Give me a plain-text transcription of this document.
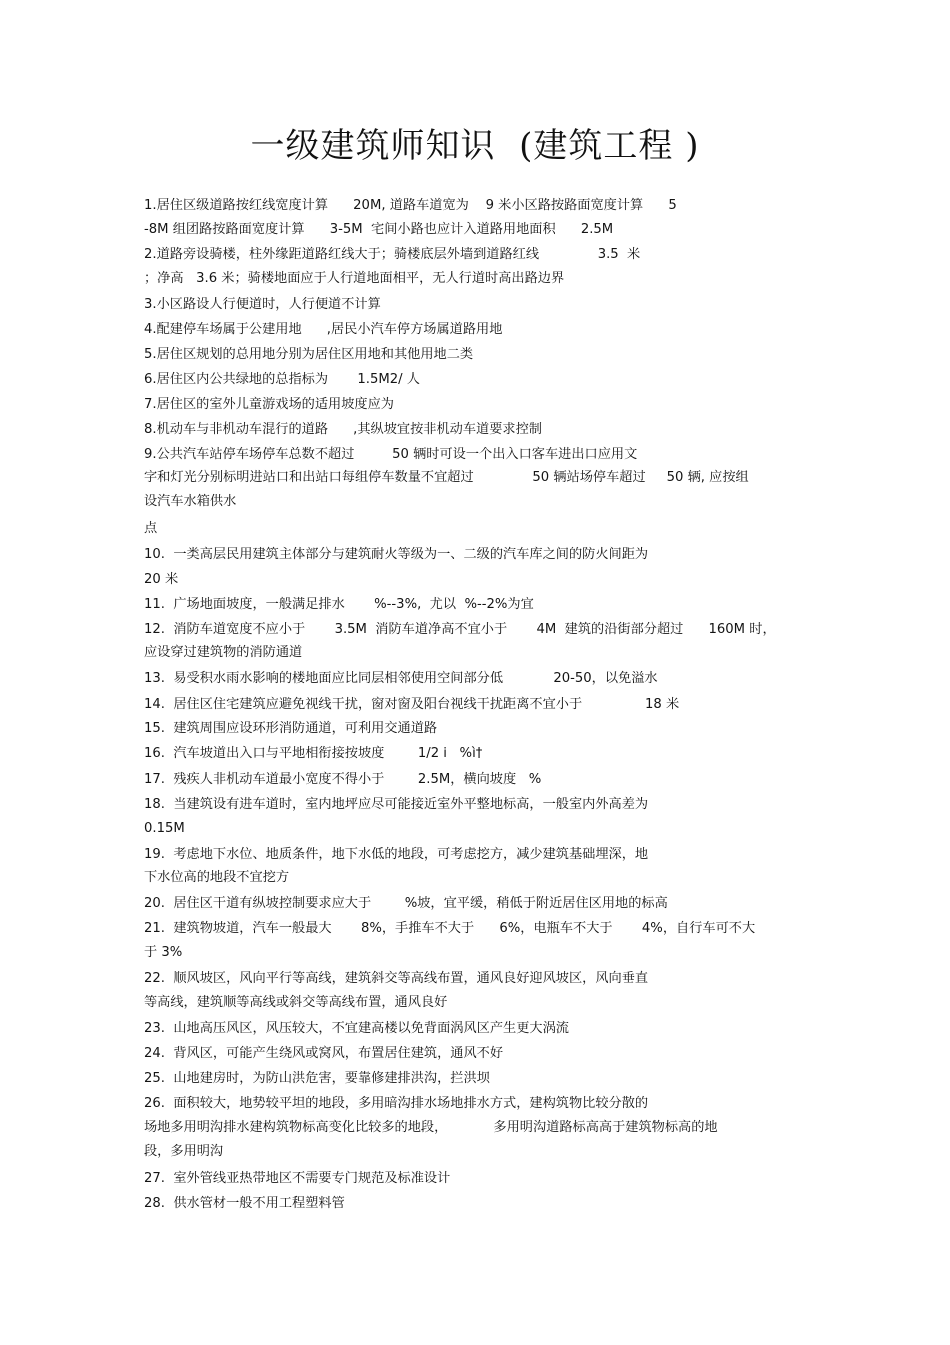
一级建筑师知识  (建筑工程 )
1.居住区级道路按红线宽度计算      20M, 道路车道宽为    9 米小区路按路面宽度计算      5
-8M 组团路按路面宽度计算      3-5M  宅间小路也应计入道路用地面积      2.5M
2.道路旁设骑楼，柱外缘距道路红线大于；骑楼底层外墙到道路红线              3.5  米
；净高   3.6 米；骑楼地面应于人行道地面相平，无人行道时高出路边界
3.小区路设人行便道时，人行便道不计算
4.配建停车场属于公建用地      ,居民小汽车停方场属道路用地
5.居住区规划的总用地分别为居住区用地和其他用地二类
6.居住区内公共绿地的总指标为       1.5M2/ 人
7.居住区的室外儿童游戏场的适用坡度应为
8.机动车与非机动车混行的道路      ,其纵坡宜按非机动车道要求控制
9.公共汽车站停车场停车总数不超过         50 辆时可设一个出入口客车进出口应用文
字和灯光分别标明进站口和出站口每组停车数量不宜超过              50 辆站场停车超过     50 辆, 应按组
设汽车水箱供水
点
10.  一类高层民用建筑主体部分与建筑耐火等级为一、二级的汽车库之间的防火间距为
20 米
11.  广场地面坡度，一般满足排水       %--3%,  尤以  %--2%为宜
12.  消防车道宽度不应小于       3.5M  消防车道净高不宜小于       4M  建筑的沿街部分超过      160M 时，
应设穿过建筑物的消防通道
13.  易受积水雨水影响的楼地面应比同层相邻使用空间部分低            20-50，以免溢水
14.  居住区住宅建筑应避免视线干扰，窗对窗及阳台视线干扰距离不宜小于               18 米
15.  建筑周围应设环形消防通道，可利用交通道路
16.  汽车坡道出入口与平地相衔接按坡度        1/2 i   %ì†
17.  残疾人非机动车道最小宽度不得小于        2.5M，横向坡度   %
18.  当建筑设有进车道时，室内地坪应尽可能接近室外平整地标高，一般室内外高差为
0.15M
19.  考虑地下水位、地质条件，地下水低的地段，可考虑挖方，减少建筑基础埋深，地
下水位高的地段不宜挖方
20.  居住区干道有纵坡控制要求应大于        %坡，宜平缓，稍低于附近居住区用地的标高
21.  建筑物坡道，汽车一般最大       8%，手推车不大于      6%，电瓶车不大于       4%，自行车可不大
于 3%
22.  顺风坡区，风向平行等高线，建筑斜交等高线布置，通风良好迎风坡区，风向垂直
等高线，建筑顺等高线或斜交等高线布置，通风良好
23.  山地高压风区，风压较大，不宜建高楼以免背面涡风区产生更大涡流
24.  背风区，可能产生绕风或窝风，布置居住建筑，通风不好
25.  山地建房时，为防山洪危害，要靠修建排洪沟，拦洪坝
26.  面积较大，地势较平坦的地段，多用暗沟排水场地排水方式，建构筑物比较分散的
场地多用明沟排水建构筑物标高变化比较多的地段，           多用明沟道路标高高于建筑物标高的地
段，多用明沟
27.  室外管线亚热带地区不需要专门规范及标准设计
28.  供水管材一般不用工程塑料管
